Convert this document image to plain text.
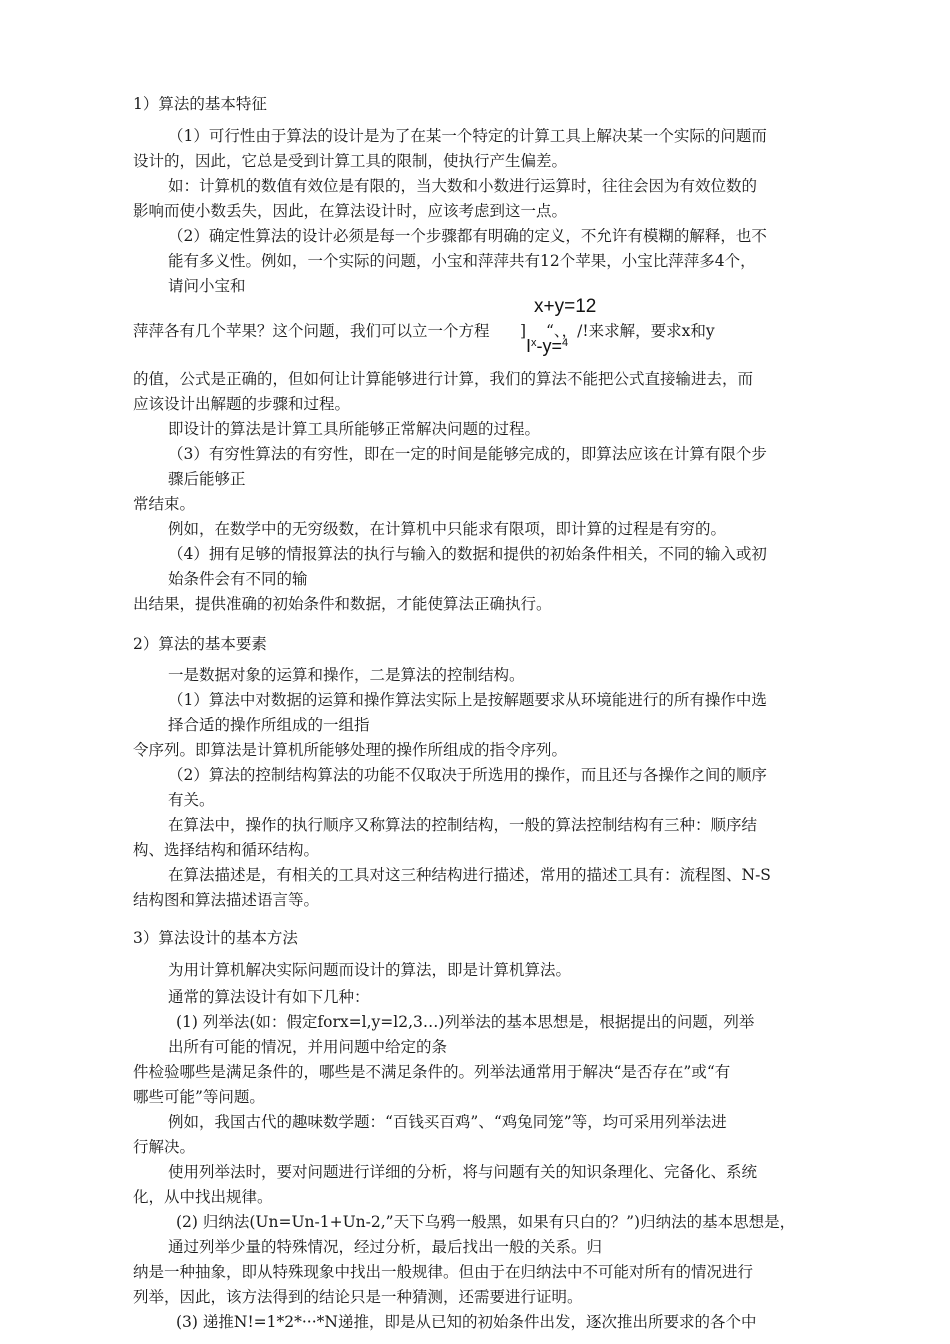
1）算法的基本特征
（1）可行性由于算法的设计是为了在某一个特定的计算工具上解决某一个实际的问题而
设计的，因此，它总是受到计算工具的限制，使执行产生偏差。
如：计算机的数值有效位是有限的，当大数和小数进行运算时，往往会因为有效位数的
影响而使小数丢失，因此，在算法设计时，应该考虑到这一点。
（2）确定性算法的设计必须是每一个步骤都有明确的定义，不允许有模糊的解释，也不
能有多义性。例如，一个实际的问题，小宝和萍萍共有12个苹果，小宝比萍萍多4个，
请问小宝和
x+y=12
萍萍各有几个苹果？这个问题，我们可以立一个方程 ] “、，/!来求解，要求x和y
$I^x-y=^4$
的值，公式是正确的，但如何让计算能够进行计算，我们的算法不能把公式直接输进去，而
应该设计出解题的步骤和过程。
即设计的算法是计算工具所能够正常解决问题的过程。
（3）有穷性算法的有穷性，即在一定的时间是能够完成的，即算法应该在计算有限个步
骤后能够正
常结束。
例如，在数学中的无穷级数，在计算机中只能求有限项，即计算的过程是有穷的。
（4）拥有足够的情报算法的执行与输入的数据和提供的初始条件相关，不同的输入或初
始条件会有不同的输
出结果，提供准确的初始条件和数据，才能使算法正确执行。
2）算法的基本要素
一是数据对象的运算和操作，二是算法的控制结构。
（1）算法中对数据的运算和操作算法实际上是按解题要求从环境能进行的所有操作中选
择合适的操作所组成的一组指
令序列。即算法是计算机所能够处理的操作所组成的指令序列。
（2）算法的控制结构算法的功能不仅取决于所选用的操作，而且还与各操作之间的顺序
有关。
在算法中，操作的执行顺序又称算法的控制结构，一般的算法控制结构有三种：顺序结
构、选择结构和循环结构。
在算法描述是，有相关的工具对这三种结构进行描述，常用的描述工具有：流程图、N-S
结构图和算法描述语言等。
3）算法设计的基本方法
为用计算机解决实际问题而设计的算法，即是计算机算法。
通常的算法设计有如下几种：
(1) 列举法(如：假定forx=l,y=l2,3…)列举法的基本思想是，根据提出的问题，列举
出所有可能的情况，并用问题中给定的条
件检验哪些是满足条件的，哪些是不满足条件的。列举法通常用于解决“是否存在”或“有
哪些可能”等问题。
例如，我国古代的趣味数学题：“百钱买百鸡”、“鸡兔同笼”等，均可采用列举法进
行解决。
使用列举法时，要对问题进行详细的分析，将与问题有关的知识条理化、完备化、系统
化，从中找出规律。
(2) 归纳法(Un=Un-1+Un-2,”天下乌鸦一般黑，如果有只白的？”)归纳法的基本思想是，
通过列举少量的特殊情况，经过分析，最后找出一般的关系。归
纳是一种抽象，即从特殊现象中找出一般规律。但由于在归纳法中不可能对所有的情况进行
列举，因此，该方法得到的结论只是一种猜测，还需要进行证明。
(3) 递推N!=1*2*···*N递推，即是从已知的初始条件出发，逐次推出所要求的各个中
